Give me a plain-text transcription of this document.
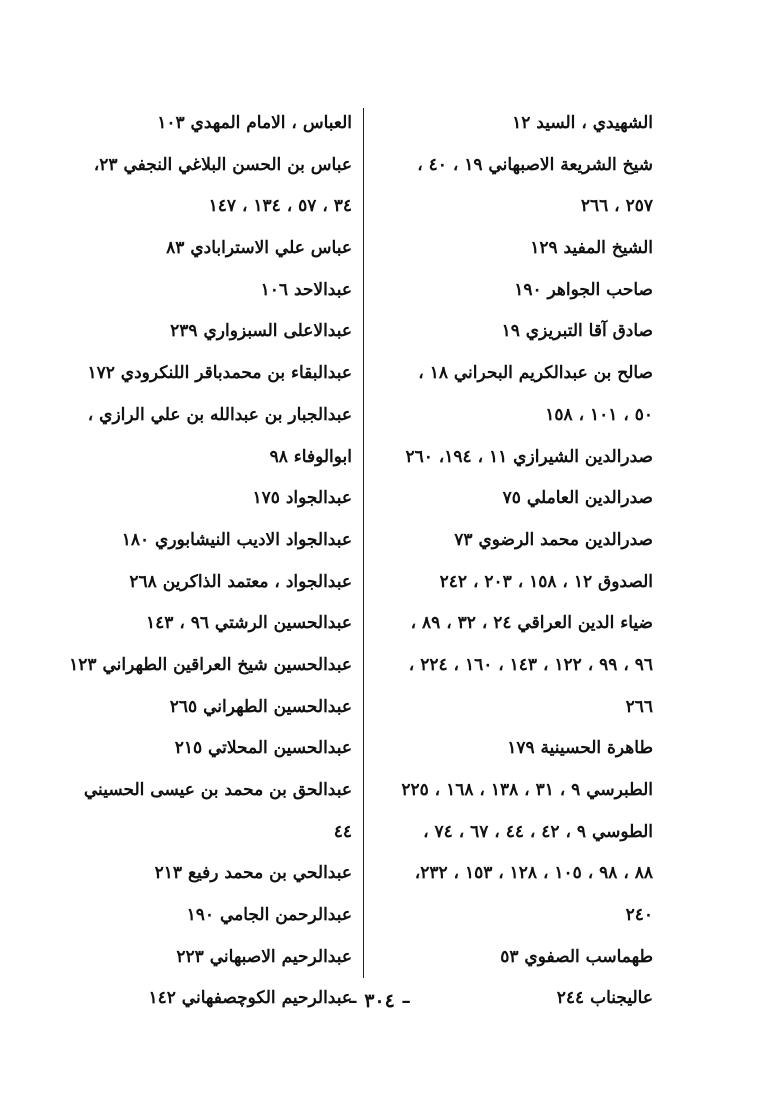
الشهيدي ، السيد ١٢
شيخ الشريعة الاصبهاني ١٩ ، ٤٠ ،
٢٥٧ ، ٢٦٦
الشيخ المفيد ١٢٩
صاحب الجواهر ١٩٠
صادق آقا التبريزي ١٩
صالح بن عبدالكريم البحراني ١٨ ،
٥٠ ، ١٠١ ، ١٥٨
صدرالدين الشيرازي ١١ ، ١٩٤، ٢٦٠
صدرالدين العاملي ٧٥
صدرالدين محمد الرضوي ٧٣
الصدوق ١٢ ، ١٥٨ ، ٢٠٣ ، ٢٤٢
ضياء الدين العراقي ٢٤ ، ٣٢ ، ٨٩ ،
٩٦ ، ٩٩ ، ١٢٢ ، ١٤٣ ، ١٦٠ ، ٢٢٤ ،
٢٦٦
طاهرة الحسينية ١٧٩
الطبرسي ٩ ، ٣١ ، ١٣٨ ، ١٦٨ ، ٢٢٥
الطوسي ٩ ، ٤٢ ، ٤٤ ، ٦٧ ، ٧٤ ،
٨٨ ، ٩٨ ، ١٠٥ ، ١٢٨ ، ١٥٣ ، ٢٣٢،
٢٤٠
طهماسب الصفوي ٥٣
عاليجناب ٢٤٤
العباس ، الامام المهدي ١٠٣
عباس بن الحسن البلاغي النجفي ٢٣،
٣٤ ، ٥٧ ، ١٣٤ ، ١٤٧
عباس علي الاسترابادي ٨٣
عبدالاحد ١٠٦
عبدالاعلى السبزواري ٢٣٩
عبدالبقاء بن محمدباقر اللنكرودي ١٧٢
عبدالجبار بن عبدالله بن علي الرازي ،
ابوالوفاء ٩٨
عبدالجواد ١٧٥
عبدالجواد الاديب النيشابوري ١٨٠
عبدالجواد ، معتمد الذاكرين ٢٦٨
عبدالحسين الرشتي ٩٦ ، ١٤٣
عبدالحسين شيخ العراقين الطهراني ١٢٣
عبدالحسين الطهراني ٢٦٥
عبدالحسين المحلاتي ٢١٥
عبدالحق بن محمد بن عيسى الحسيني
٤٤
عبدالحي بن محمد رفيع ٢١٣
عبدالرحمن الجامي ١٩٠
عبدالرحيم الاصبهاني ٢٢٣
عبدالرحيم الكوچصفهاني ١٤٢
– ٣٠٤ –
